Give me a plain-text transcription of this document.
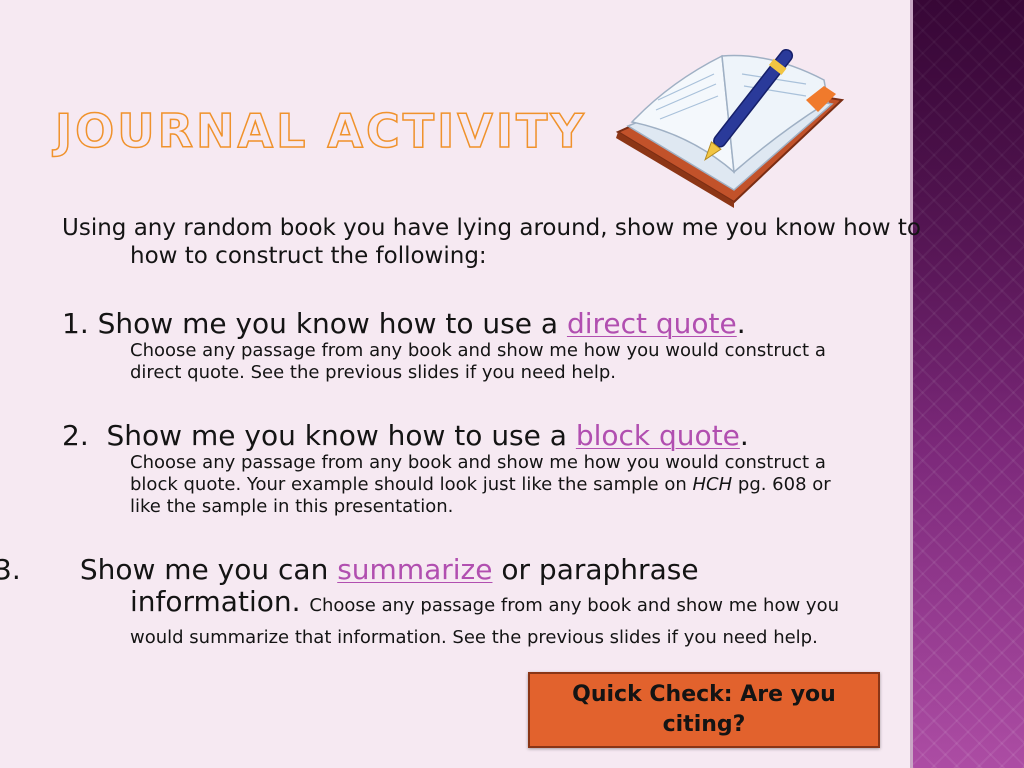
JOURNAL ACTIVITY
Using any random book you have lying around, show me you know how to how to construct the following:
1. Show me you know how to use a direct quote.
Choose any passage from any book and show me how you would construct a direct quote. See the previous slides if you need help.
2. Show me you know how to use a block quote.
Choose any passage from any book and show me how you would construct a block quote. Your example should look just like the sample on HCH pg. 608 or like the sample in this presentation.
Show me you can summarize or paraphrase information. Choose any passage from any book and show me how you would summarize that information. See the previous slides if you need help.
Quick Check: Are you citing?
